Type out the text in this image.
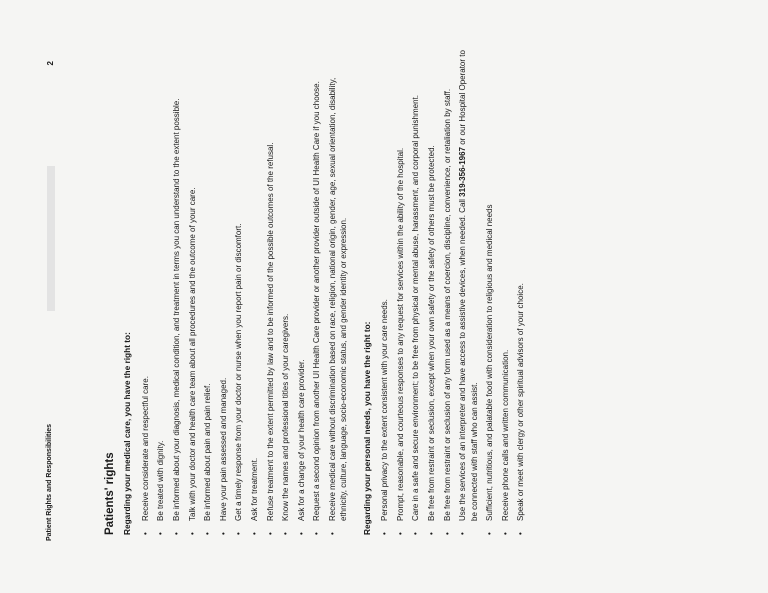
Patient Rights and Responsibilities
2
Patients' rights Regarding your medical care, you have the right to: • Receive considerate and respectful care. • Be treated with dignity. • Be informed about your diagnosis, medical condition, and treatment in terms you can understand to the extent possible. • Talk with your doctor and health care team about all procedures and the outcome of your care. • Be informed about pain and pain relief. • Have your pain assessed and managed. • Get a timely response from your doctor or nurse when you report pain or discomfort. • Ask for treatment. • Refuse treatment to the extent permitted by law and to be informed of the possible outcomes of the refusal. • Know the names and professional titles of your caregivers. • Ask for a change of your health care provider. • Request a second opinion from another UI Health Care provider or another provider outside of UI Health Care if you choose. • Receive medical care without discrimination based on race, religion, national origin, gender, age, sexual orientation, disability, ethnicity, culture, language, socio-economic status, and gender identity or expression. Regarding your personal needs, you have the right to: • Personal privacy to the extent consistent with your care needs. • Prompt, reasonable, and courteous responses to any request for services within the ability of the hospital. • Care in a safe and secure environment; to be free from physical or mental abuse, harassment, and corporal punishment. • Be free from restraint or seclusion, except when your own safety or the safety of others must be protected. • Be free from restraint or seclusion of any form used as a means of coercion, discipline, convenience, or retaliation by staff. • Use the services of an interpreter and have access to assistive devices, when needed. Call 319-356-1967 or our Hospital Operator to be connected with staff who can assist. • Sufficient, nutritious, and palatable food with consideration to religious and medical needs • Receive phone calls and written communication. • Speak or meet with clergy or other spiritual advisors of your choice.
